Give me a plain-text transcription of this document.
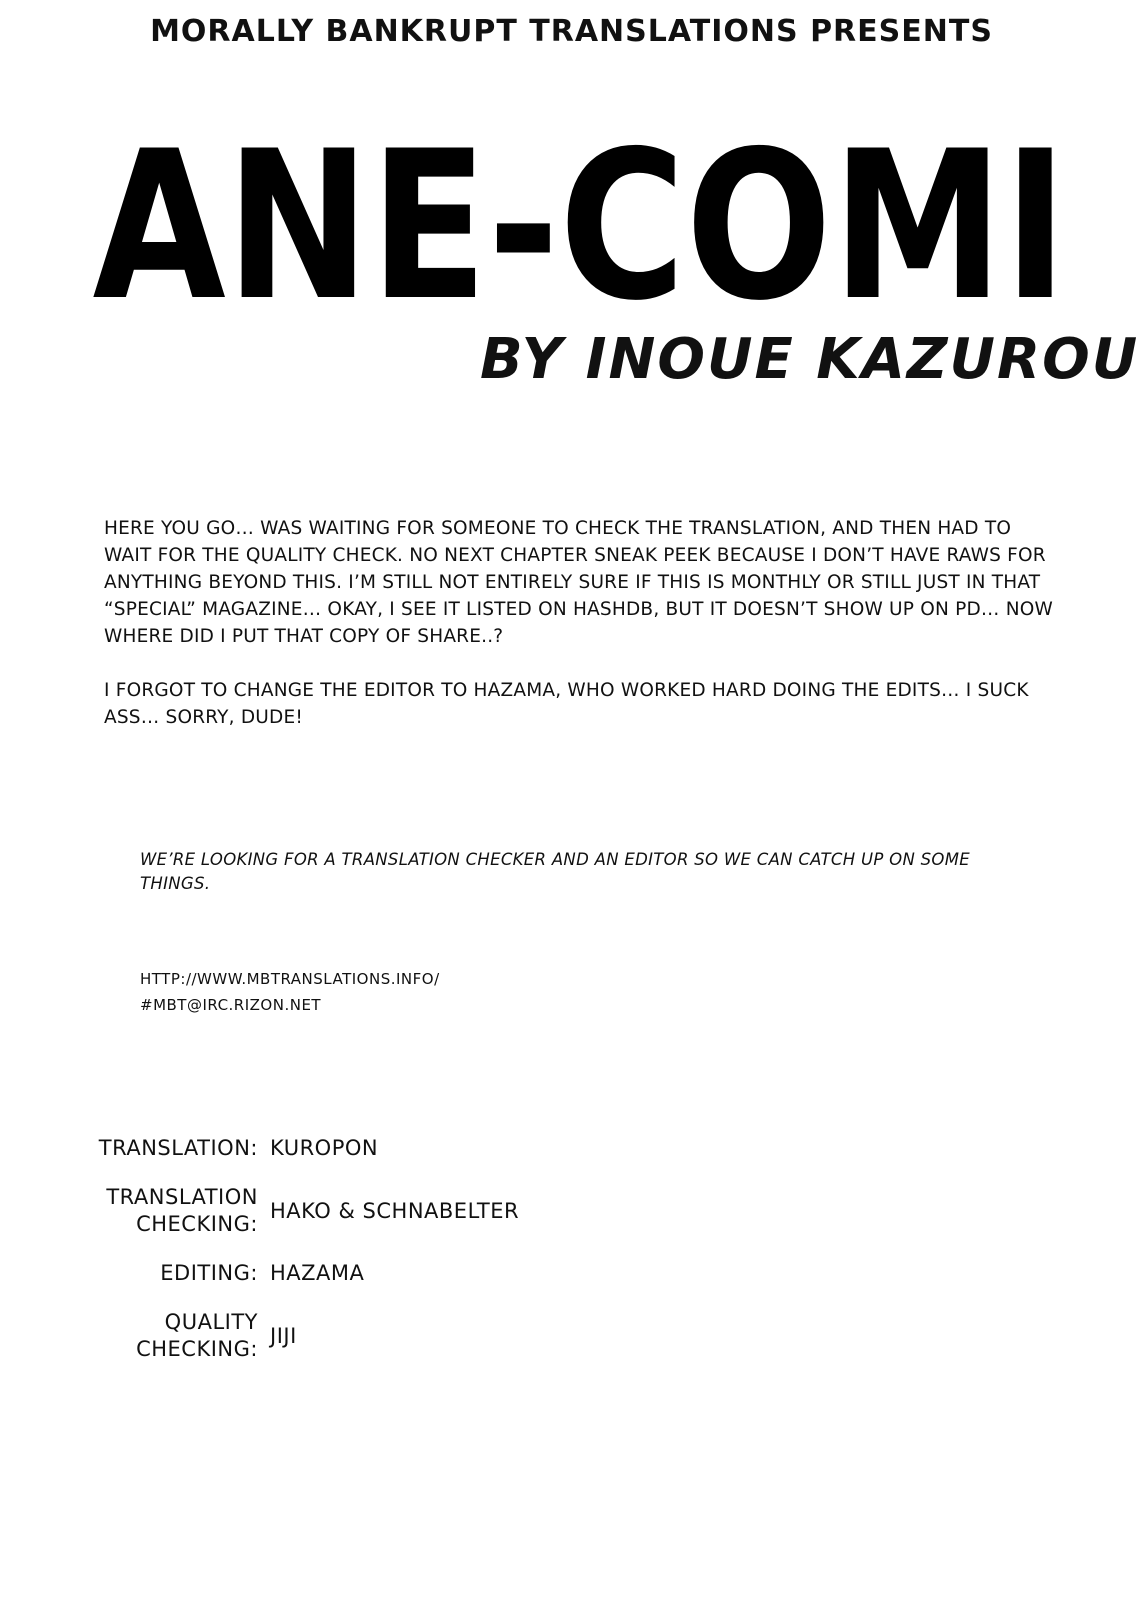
MORALLY BANKRUPT TRANSLATIONS PRESENTS
ANE-COMI
BY INOUE KAZUROU

HERE YOU GO… WAS WAITING FOR SOMEONE TO CHECK THE TRANSLATION, AND THEN HAD TO WAIT FOR THE QUALITY CHECK. NO NEXT CHAPTER SNEAK PEEK BECAUSE I DON’T HAVE RAWS FOR ANYTHING BEYOND THIS. I’M STILL NOT ENTIRELY SURE IF THIS IS MONTHLY OR STILL JUST IN THAT “SPECIAL” MAGAZINE… OKAY, I SEE IT LISTED ON HASHDB, BUT IT DOESN’T SHOW UP ON PD… NOW WHERE DID I PUT THAT COPY OF SHARE..?

I FORGOT TO CHANGE THE EDITOR TO HAZAMA, WHO WORKED HARD DOING THE EDITS… I SUCK ASS… SORRY, DUDE!

WE’RE LOOKING FOR A TRANSLATION CHECKER AND AN EDITOR SO WE CAN CATCH UP ON SOME THINGS.
HTTP://WWW.MBTRANSLATIONS.INFO/
#MBT@IRC.RIZON.NET
TRANSLATION: KUROPON
TRANSLATION
CHECKING:
HAKO & SCHNABELTER
EDITING: HAZAMA
QUALITY
CHECKING:
JIJI
